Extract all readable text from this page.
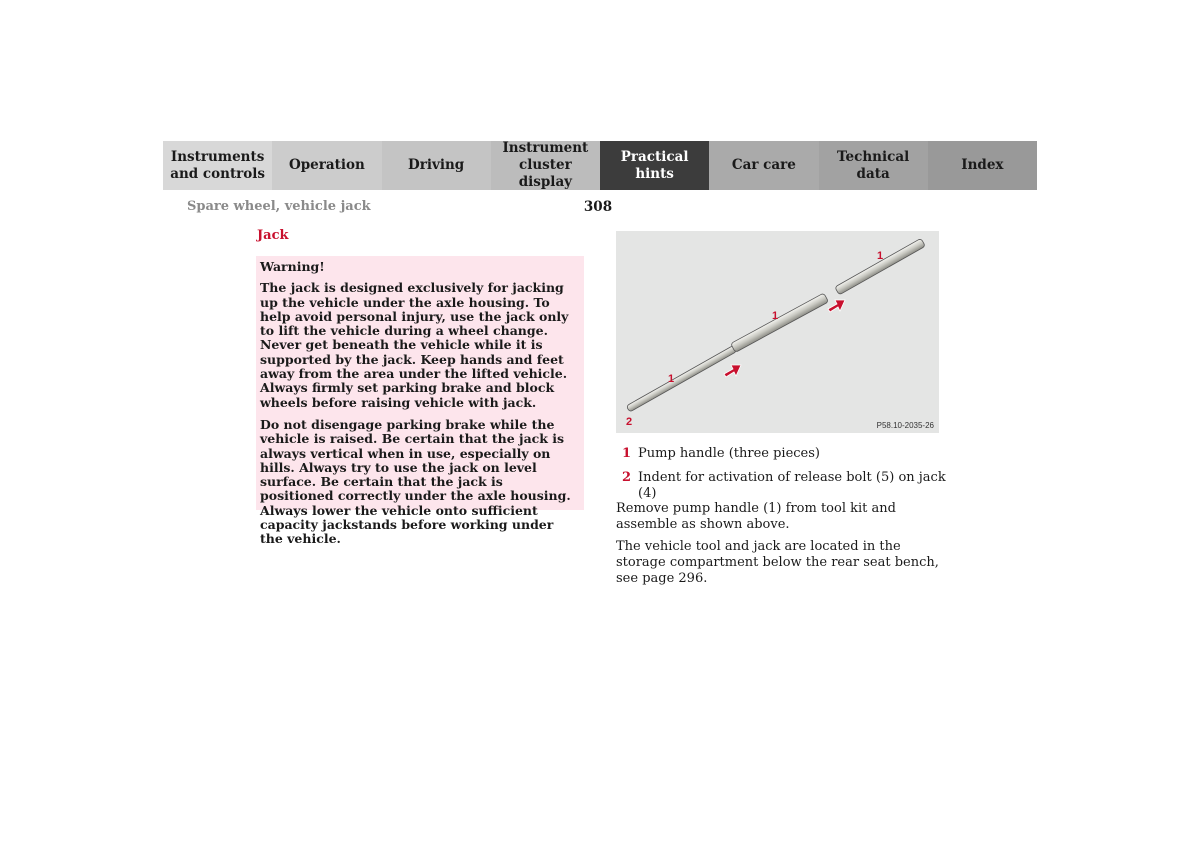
Instruments
and controls
Operation	Driving
Instrument
cluster display
Practical hints
Car care
Technical
data
Index
Spare wheel, vehicle jack	308
Jack

Warning!

The jack is designed exclusively for jacking up the vehicle under the axle housing. To help avoid personal injury, use the jack only to lift the vehicle during a wheel change. Never get beneath the vehicle while it is supported by the jack. Keep hands and feet away from the area under the lifted vehicle. Always firmly set parking brake and block wheels before raising vehicle with jack.

Do not disengage parking brake while the vehicle is raised. Be certain that the jack is always vertical when in use, especially on hills. Always try to use the jack on level surface. Be certain that the jack is positioned correctly under the axle housing. Always lower the vehicle onto sufficient capacity jackstands before working under the vehicle.

1
1
1
2	P58.10-2035-26
1 Pump handle (three pieces)
2 Indent for activation of release bolt (5) on jack (4)

Remove pump handle (1) from tool kit and assemble as shown above.

The vehicle tool and jack are located in the storage compartment below the rear seat bench, see page 296.
